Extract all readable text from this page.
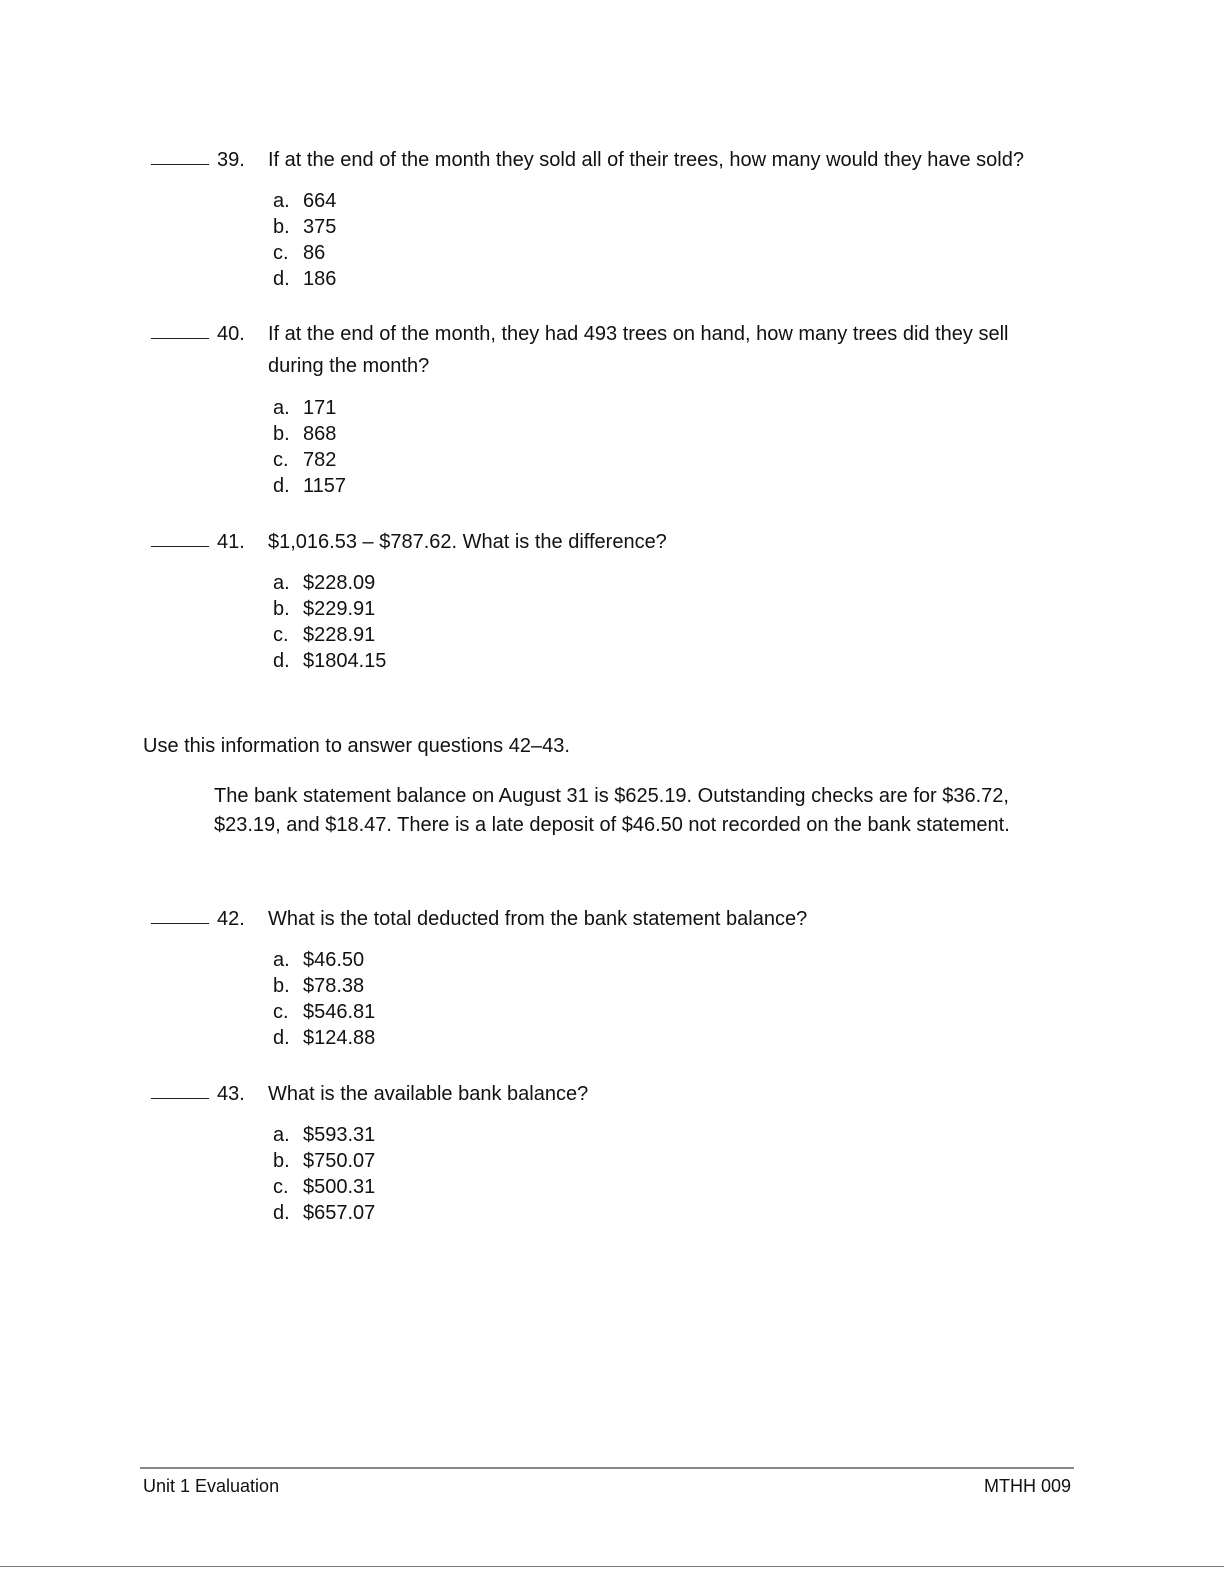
39.	If at the end of the month they sold all of their trees, how many would they have sold?
a. 664
b. 375
c. 86
d. 186
40.	If at the end of the month, they had 493 trees on hand, how many trees did they sell during the month?
a. 171
b. 868
c. 782
d. 1157
41.	$1,016.53 – $787.62. What is the difference?
a. $228.09
b. $229.91
c. $228.91
d. $1804.15
Use this information to answer questions 42–43.
The bank statement balance on August 31 is $625.19. Outstanding checks are for $36.72, $23.19, and $18.47. There is a late deposit of $46.50 not recorded on the bank statement.
42.	What is the total deducted from the bank statement balance?
a. $46.50
b. $78.38
c. $546.81
d. $124.88
43.	What is the available bank balance?
a. $593.31
b. $750.07
c. $500.31
d. $657.07
Unit 1 Evaluation	MTHH 009
